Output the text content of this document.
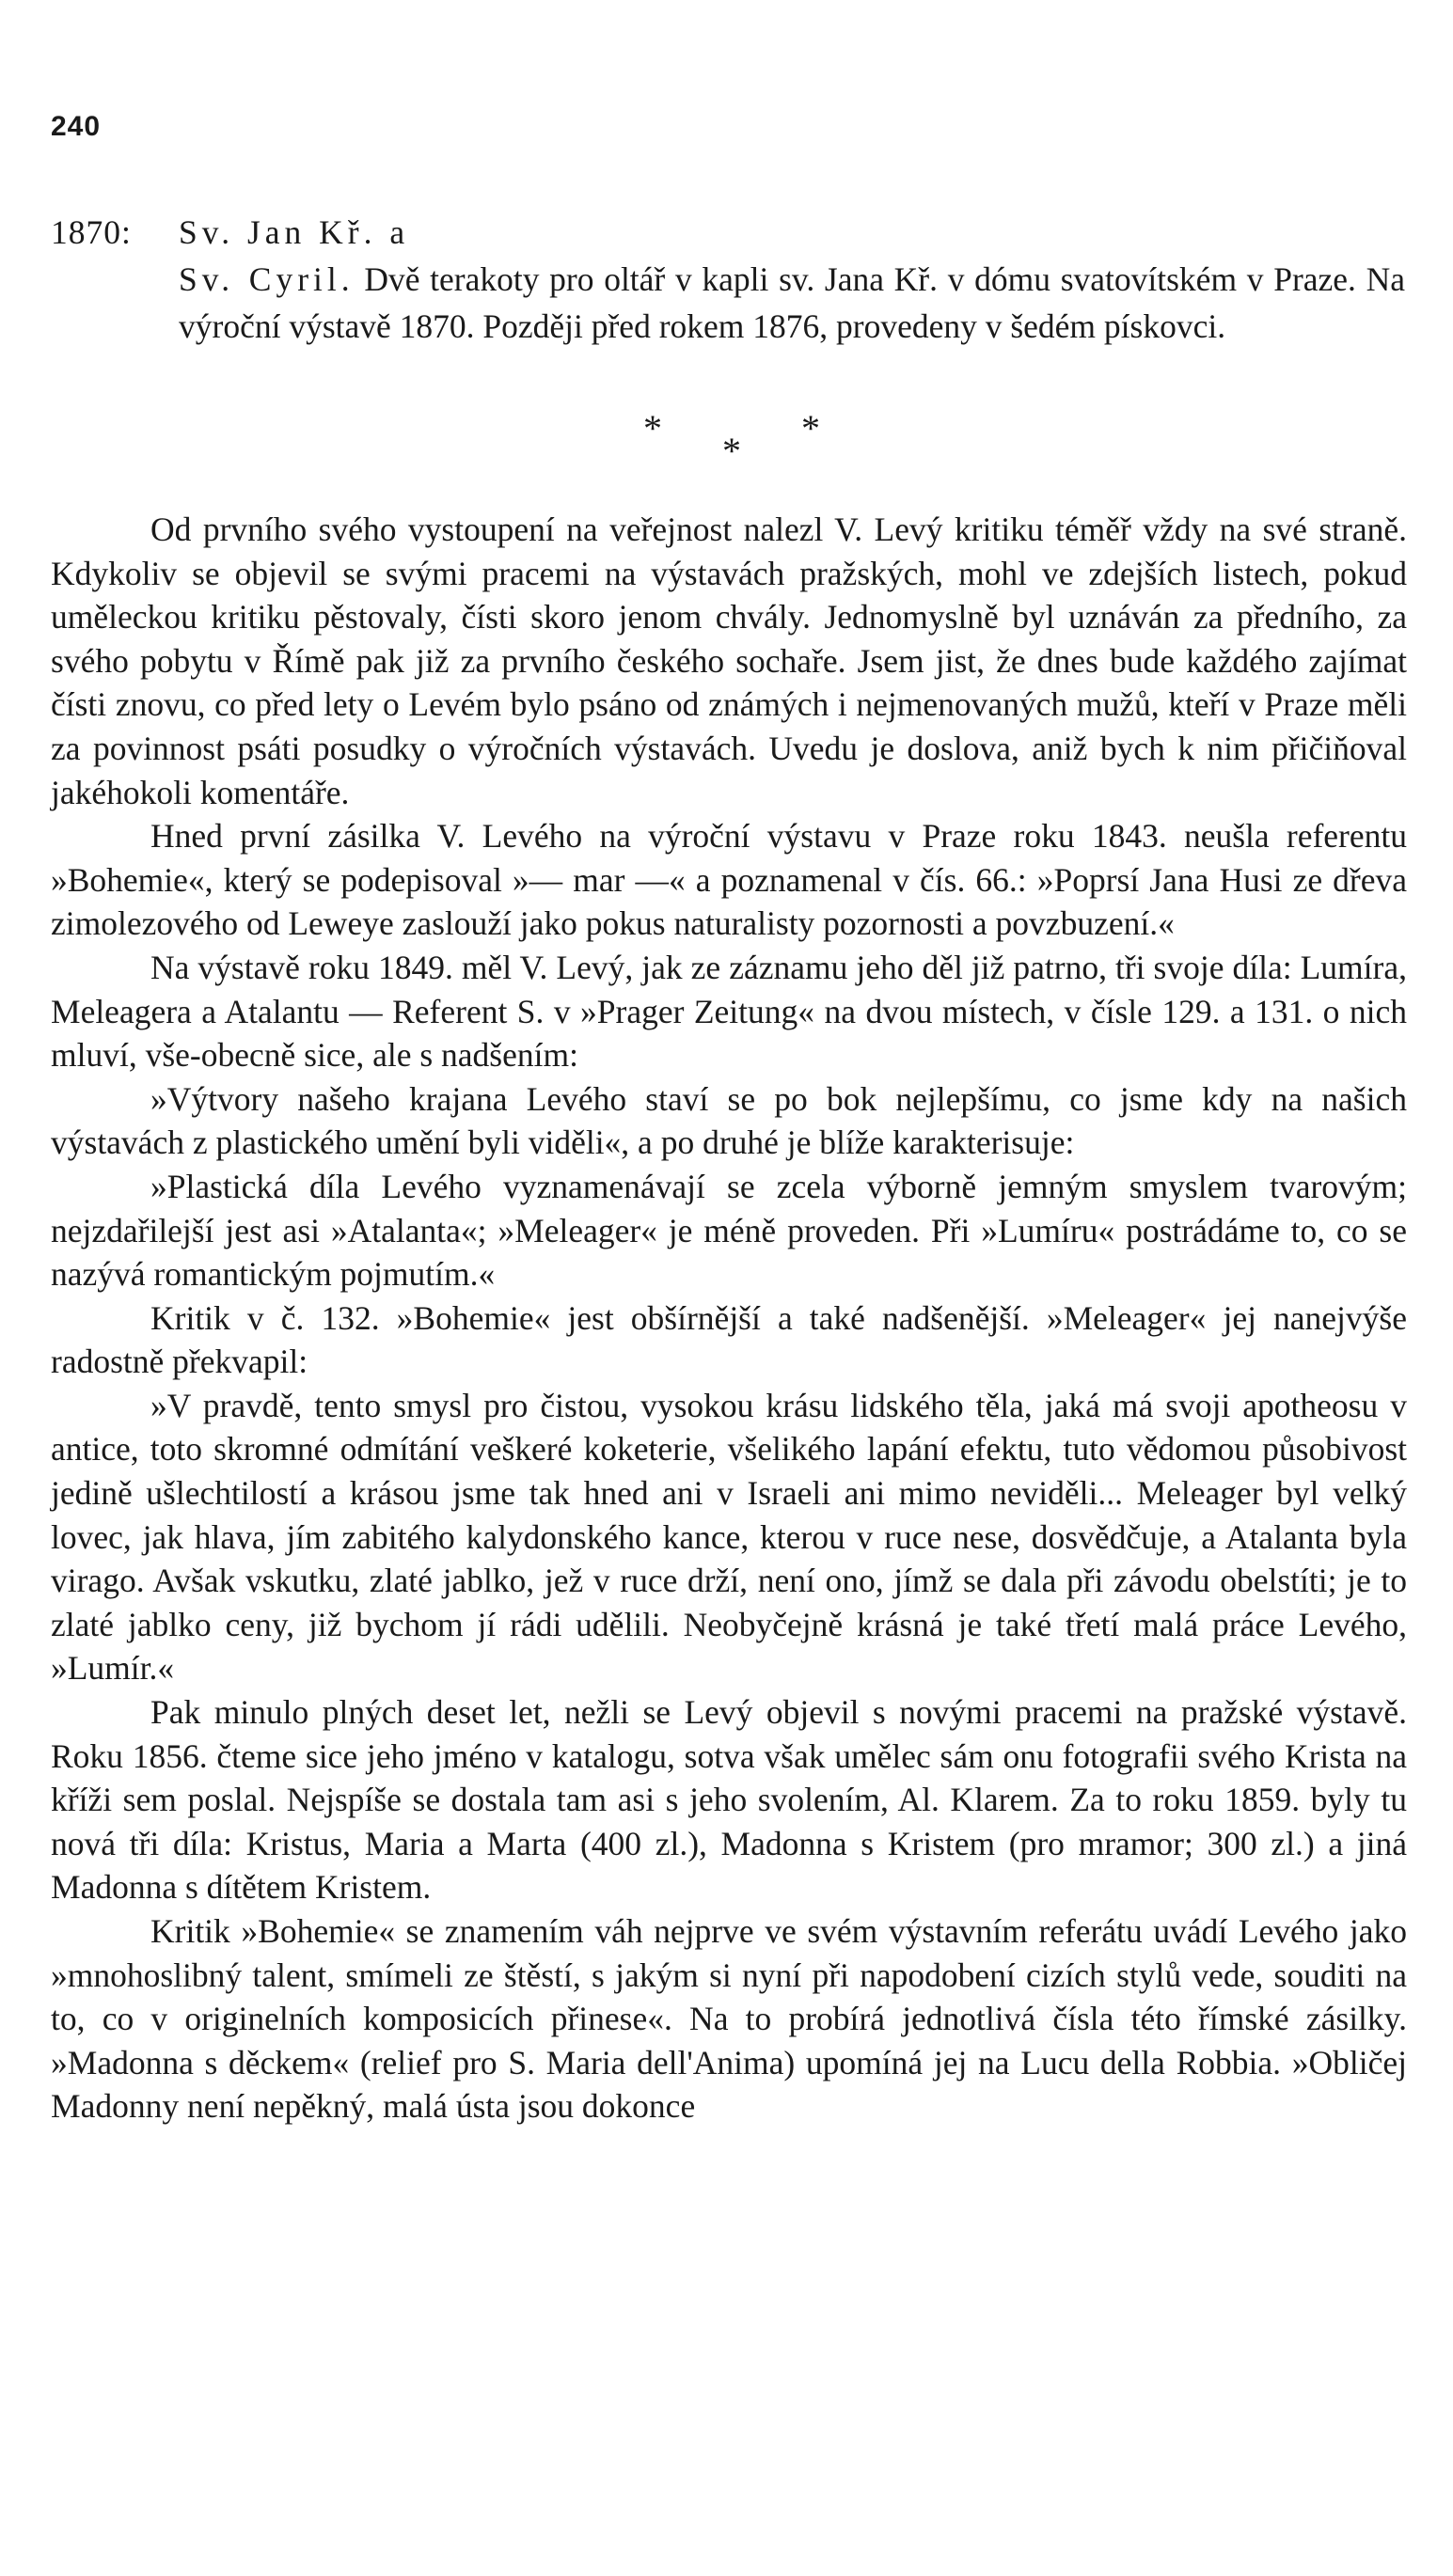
240
1870: Sv. Jan Kř. a
Sv. Cyril. Dvě terakoty pro oltář v kapli sv. Jana Kř. v dómu svatovítském v Praze. Na výroční výstavě 1870. Později před rokem 1876, provedeny v šedém pískovci.
*
*
*

Od prvního svého vystoupení na veřejnost nalezl V. Levý kritiku téměř vždy na své straně. Kdykoliv se objevil se svými pracemi na výstavách pražských, mohl ve zdejších listech, pokud uměleckou kritiku pěstovaly, čísti skoro jenom chvály. Jednomyslně byl uznáván za předního, za svého pobytu v Římě pak již za prvního českého sochaře. Jsem jist, že dnes bude každého zajímat čísti znovu, co před lety o Levém bylo psáno od známých i nejmenovaných mužů, kteří v Praze měli za povinnost psáti posudky o výročních výstavách. Uvedu je doslova, aniž bych k nim přičiňoval jakéhokoli komentáře.

Hned první zásilka V. Levého na výroční výstavu v Praze roku 1843. neušla referentu »Bohemie«, který se podepisoval »— mar —« a poznamenal v čís. 66.: »Poprsí Jana Husi ze dřeva zimolezového od Leweye zaslouží jako pokus naturalisty pozornosti a povzbuzení.«

Na výstavě roku 1849. měl V. Levý, jak ze záznamu jeho děl již patrno, tři svoje díla: Lumíra, Meleagera a Atalantu — Referent S. v »Prager Zeitung« na dvou místech, v čísle 129. a 131. o nich mluví, vše-obecně sice, ale s nadšením:

»Výtvory našeho krajana Levého staví se po bok nejlepšímu, co jsme kdy na našich výstavách z plastického umění byli viděli«, a po druhé je blíže karakterisuje:

»Plastická díla Levého vyznamenávají se zcela výborně jemným smyslem tvarovým; nejzdařilejší jest asi »Atalanta«; »Meleager« je méně proveden. Při »Lumíru« postrádáme to, co se nazývá romantickým pojmutím.«

Kritik v č. 132. »Bohemie« jest obšírnější a také nadšenější. »Meleager« jej nanejvýše radostně překvapil:

»V pravdě, tento smysl pro čistou, vysokou krásu lidského těla, jaká má svoji apotheosu v antice, toto skromné odmítání veškeré koketerie, všelikého lapání efektu, tuto vědomou působivost jedině ušlechtilostí a krásou jsme tak hned ani v Israeli ani mimo neviděli... Meleager byl velký lovec, jak hlava, jím zabitého kalydonského kance, kterou v ruce nese, dosvědčuje, a Atalanta byla virago. Avšak vskutku, zlaté jablko, jež v ruce drží, není ono, jímž se dala při závodu obelstíti; je to zlaté jablko ceny, již bychom jí rádi udělili. Neobyčejně krásná je také třetí malá práce Levého, »Lumír.«

Pak minulo plných deset let, nežli se Levý objevil s novými pracemi na pražské výstavě. Roku 1856. čteme sice jeho jméno v katalogu, sotva však umělec sám onu fotografii svého Krista na kříži sem poslal. Nejspíše se dostala tam asi s jeho svolením, Al. Klarem. Za to roku 1859. byly tu nová tři díla: Kristus, Maria a Marta (400 zl.), Madonna s Kristem (pro mramor; 300 zl.) a jiná Madonna s dítětem Kristem.

Kritik »Bohemie« se znamením váh nejprve ve svém výstavním referátu uvádí Levého jako »mnohoslibný talent, smímeli ze štěstí, s jakým si nyní při napodobení cizích stylů vede, souditi na to, co v originelních komposicích přinese«. Na to probírá jednotlivá čísla této římské zásilky. »Madonna s děckem« (relief pro S. Maria dell'Anima) upomíná jej na Lucu della Robbia. »Obličej Madonny není nepěkný, malá ústa jsou dokonce
